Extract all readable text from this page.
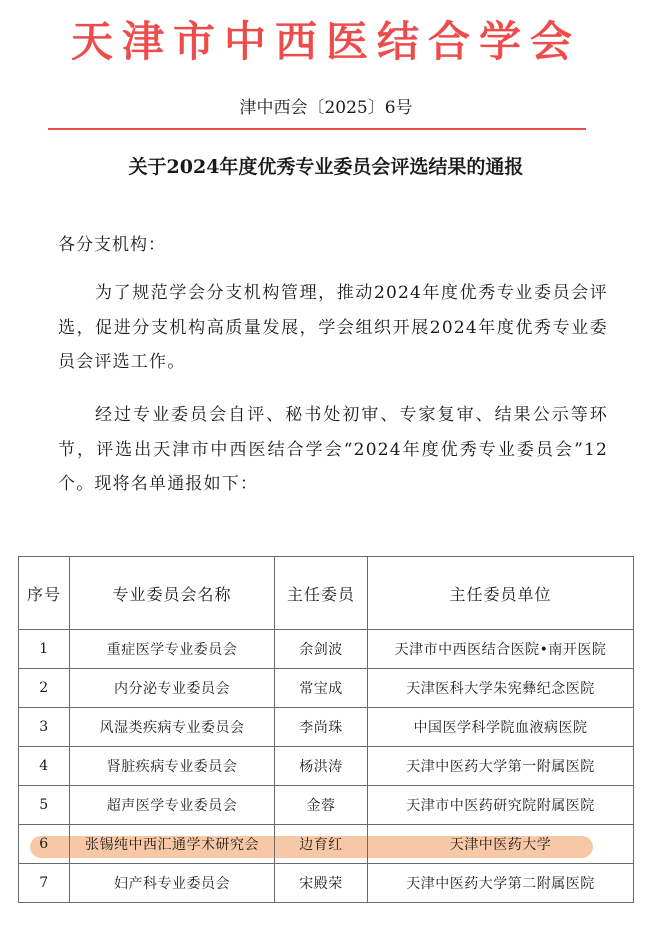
天津市中西医结合学会
津中西会〔2025〕6号
关于2024年度优秀专业委员会评选结果的通报
各分支机构：
为了规范学会分支机构管理，推动2024年度优秀专业委员会评选，促进分支机构高质量发展，学会组织开展2024年度优秀专业委员会评选工作。
经过专业委员会自评、秘书处初审、专家复审、结果公示等环节，评选出天津市中西医结合学会“2024年度优秀专业委员会”12个。现将名单通报如下：
序号	专业委员会名称	主任委员	主任委员单位
1	重症医学专业委员会	余剑波	天津市中西医结合医院•南开医院
2	内分泌专业委员会	常宝成	天津医科大学朱宪彝纪念医院
3	风湿类疾病专业委员会	李尚珠	中国医学科学院血液病医院
4	肾脏疾病专业委员会	杨洪涛	天津中医药大学第一附属医院
5	超声医学专业委员会	金蓉	天津市中医药研究院附属医院
6	张锡纯中西汇通学术研究会	边育红	天津中医药大学
7	妇产科专业委员会	宋殿荣	天津中医药大学第二附属医院
